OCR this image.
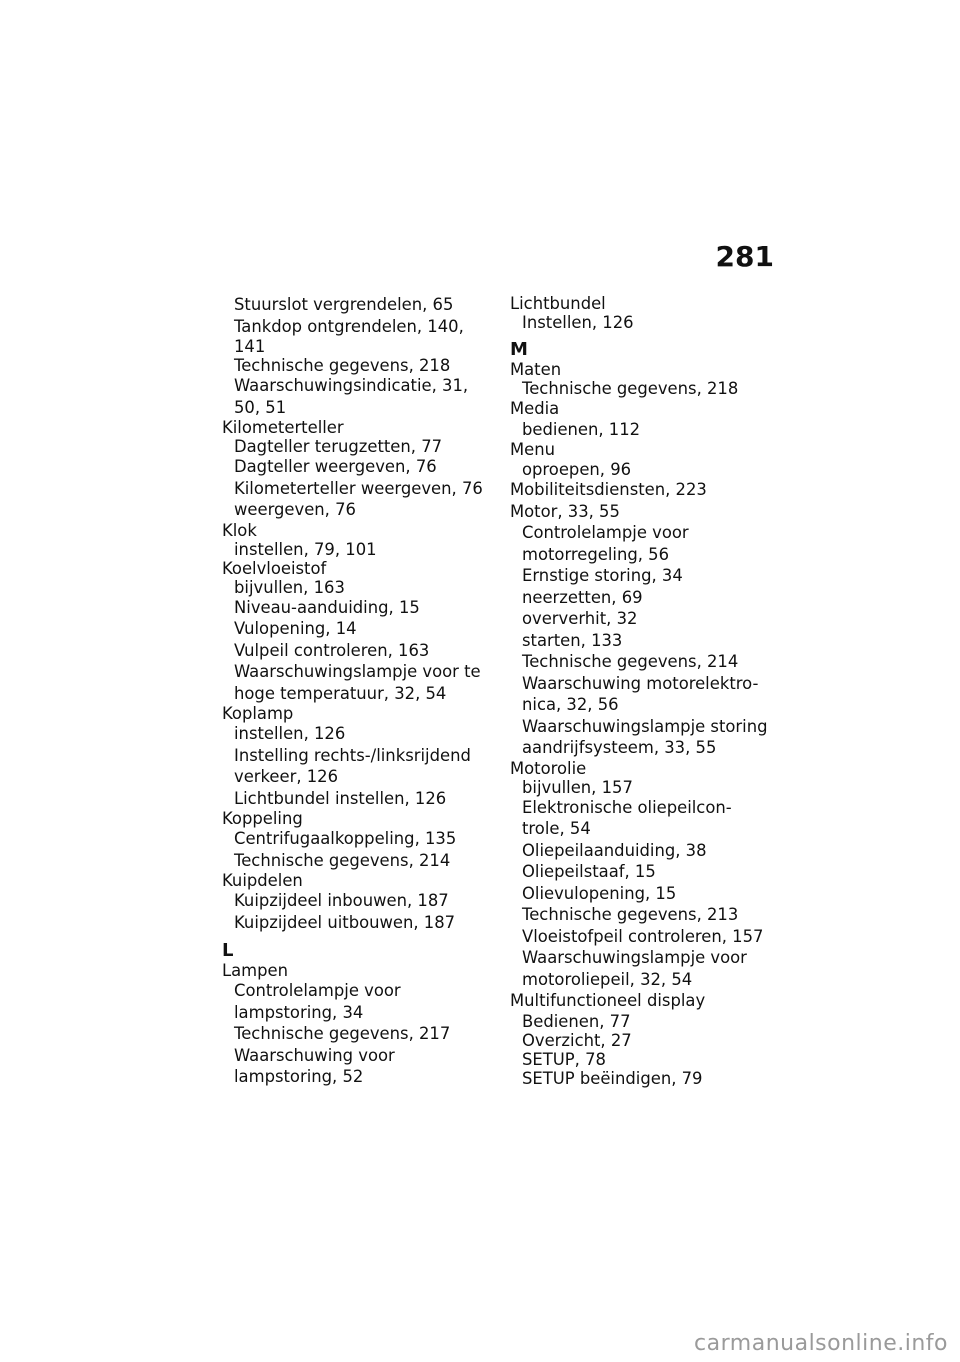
281
Stuurslot vergrendelen, 65
Tankdop ontgrendelen, 140,
141
Technische gegevens, 218
Waarschuwingsindicatie, 31,
50, 51
Kilometerteller
Dagteller terugzetten, 77
Dagteller weergeven, 76
Kilometerteller weergeven, 76
weergeven, 76
Klok
instellen, 79, 101
Koelvloeistof
bijvullen, 163
Niveau-aanduiding, 15
Vulopening, 14
Vulpeil controleren, 163
Waarschuwingslampje voor te
hoge temperatuur, 32, 54
Koplamp
instellen, 126
Instelling rechts-/linksrijdend
verkeer, 126
Lichtbundel instellen, 126
Koppeling
Centrifugaalkoppeling, 135
Technische gegevens, 214
Kuipdelen
Kuipzijdeel inbouwen, 187
Kuipzijdeel uitbouwen, 187
L
Lampen
Controlelampje voor
lampstoring, 34
Technische gegevens, 217
Waarschuwing voor
lampstoring, 52
Lichtbundel
Instellen, 126
M
Maten
Technische gegevens, 218
Media
bedienen, 112
Menu
oproepen, 96
Mobiliteitsdiensten, 223
Motor, 33, 55
Controlelampje voor
motorregeling, 56
Ernstige storing, 34
neerzetten, 69
oververhit, 32
starten, 133
Technische gegevens, 214
Waarschuwing motorelektro-
nica, 32, 56
Waarschuwingslampje storing
aandrijfsysteem, 33, 55
Motorolie
bijvullen, 157
Elektronische oliepeilcon-
trole, 54
Oliepeilaanduiding, 38
Oliepeilstaaf, 15
Olievulopening, 15
Technische gegevens, 213
Vloeistofpeil controleren, 157
Waarschuwingslampje voor
motoroliepeil, 32, 54
Multifunctioneel display
Bedienen, 77
Overzicht, 27
SETUP, 78
SETUP beëindigen, 79
carmanualsonline.info
